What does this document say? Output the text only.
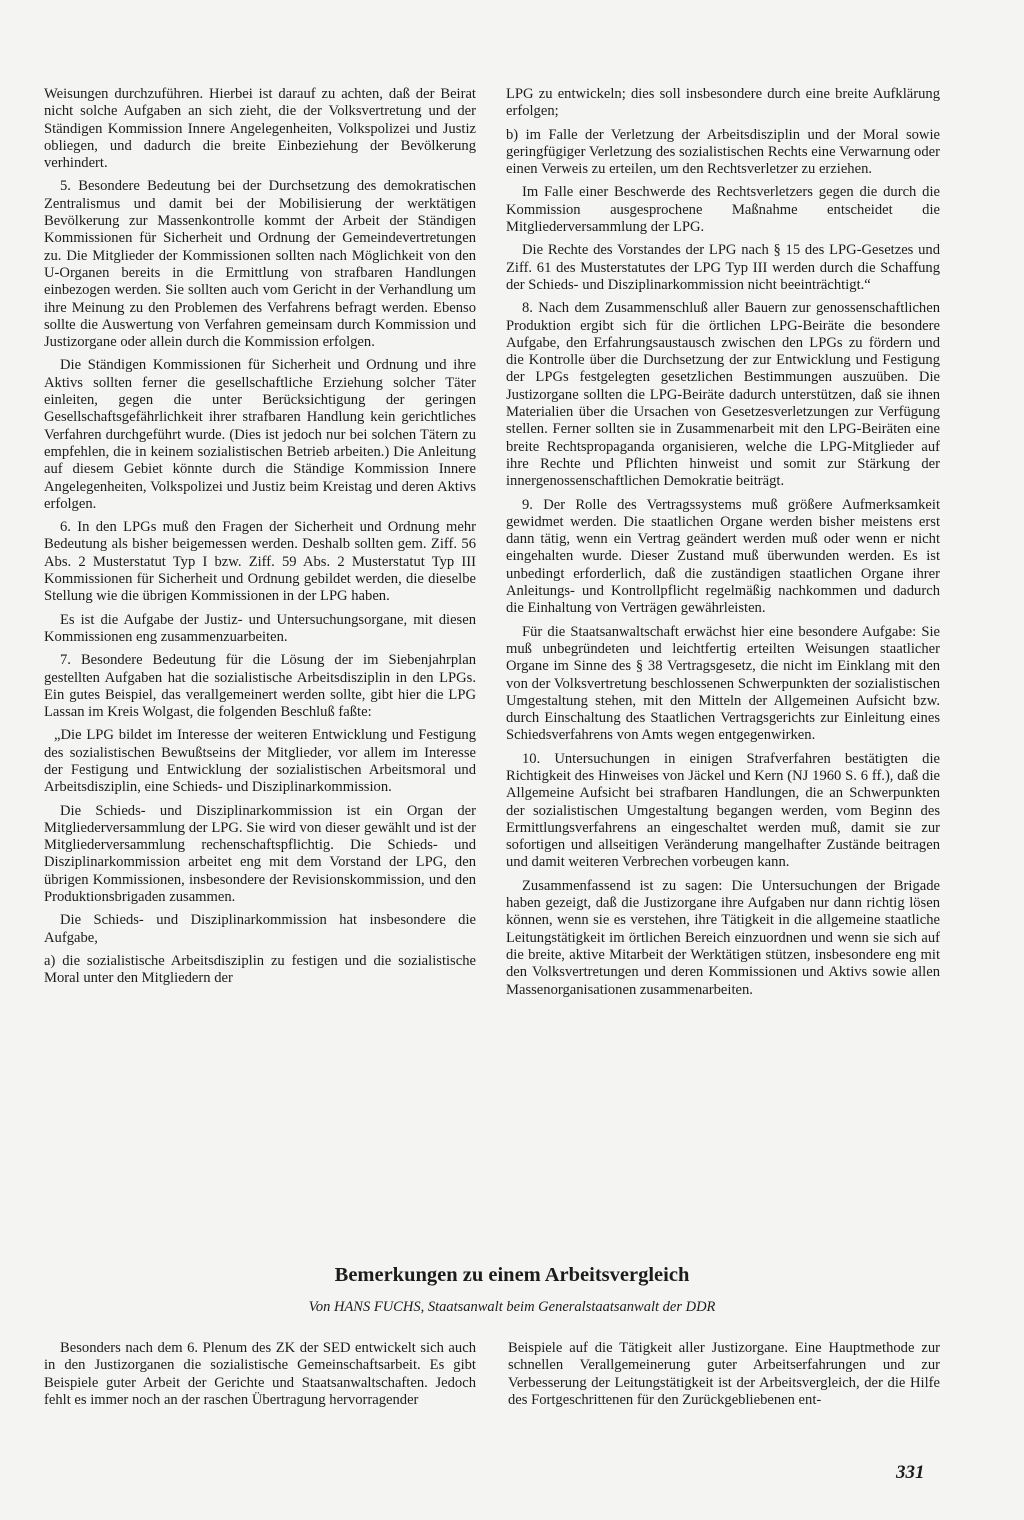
Weisungen durchzuführen. Hierbei ist darauf zu achten, daß der Beirat nicht solche Aufgaben an sich zieht, die der Volksvertretung und der Ständigen Kommission Innere Angelegenheiten, Volkspolizei und Justiz obliegen, und dadurch die breite Einbeziehung der Bevölkerung verhindert.

5. Besondere Bedeutung bei der Durchsetzung des demokratischen Zentralismus und damit bei der Mobilisierung der werktätigen Bevölkerung zur Massenkontrolle kommt der Arbeit der Ständigen Kommissionen für Sicherheit und Ordnung der Gemeindevertretungen zu. Die Mitglieder der Kommissionen sollten nach Möglichkeit von den U-Organen bereits in die Ermittlung von strafbaren Handlungen einbezogen werden. Sie sollten auch vom Gericht in der Verhandlung um ihre Meinung zu den Problemen des Verfahrens befragt werden. Ebenso sollte die Auswertung von Verfahren gemeinsam durch Kommission und Justizorgane oder allein durch die Kommission erfolgen.

Die Ständigen Kommissionen für Sicherheit und Ordnung und ihre Aktivs sollten ferner die gesellschaftliche Erziehung solcher Täter einleiten, gegen die unter Berücksichtigung der geringen Gesellschaftsgefährlichkeit ihrer strafbaren Handlung kein gerichtliches Verfahren durchgeführt wurde. (Dies ist jedoch nur bei solchen Tätern zu empfehlen, die in keinem sozialistischen Betrieb arbeiten.) Die Anleitung auf diesem Gebiet könnte durch die Ständige Kommission Innere Angelegenheiten, Volkspolizei und Justiz beim Kreistag und deren Aktivs erfolgen.

6. In den LPGs muß den Fragen der Sicherheit und Ordnung mehr Bedeutung als bisher beigemessen werden. Deshalb sollten gem. Ziff. 56 Abs. 2 Musterstatut Typ I bzw. Ziff. 59 Abs. 2 Musterstatut Typ III Kommissionen für Sicherheit und Ordnung gebildet werden, die dieselbe Stellung wie die übrigen Kommissionen in der LPG haben.

Es ist die Aufgabe der Justiz- und Untersuchungsorgane, mit diesen Kommissionen eng zusammenzuarbeiten.

7. Besondere Bedeutung für die Lösung der im Siebenjahrplan gestellten Aufgaben hat die sozialistische Arbeitsdisziplin in den LPGs. Ein gutes Beispiel, das verallgemeinert werden sollte, gibt hier die LPG Lassan im Kreis Wolgast, die folgenden Beschluß faßte:

„Die LPG bildet im Interesse der weiteren Entwicklung und Festigung des sozialistischen Bewußtseins der Mitglieder, vor allem im Interesse der Festigung und Entwicklung der sozialistischen Arbeitsmoral und Arbeitsdisziplin, eine Schieds- und Disziplinarkommission.

Die Schieds- und Disziplinarkommission ist ein Organ der Mitgliederversammlung der LPG. Sie wird von dieser gewählt und ist der Mitgliederversammlung rechenschaftspflichtig. Die Schieds- und Disziplinarkommission arbeitet eng mit dem Vorstand der LPG, den übrigen Kommissionen, insbesondere der Revisionskommission, und den Produktionsbrigaden zusammen.

Die Schieds- und Disziplinarkommission hat insbesondere die Aufgabe,

a) die sozialistische Arbeitsdisziplin zu festigen und die sozialistische Moral unter den Mitgliedern der

LPG zu entwickeln; dies soll insbesondere durch eine breite Aufklärung erfolgen;

b) im Falle der Verletzung der Arbeitsdisziplin und der Moral sowie geringfügiger Verletzung des sozialistischen Rechts eine Verwarnung oder einen Verweis zu erteilen, um den Rechtsverletzer zu erziehen.

Im Falle einer Beschwerde des Rechtsverletzers gegen die durch die Kommission ausgesprochene Maßnahme entscheidet die Mitgliederversammlung der LPG.

Die Rechte des Vorstandes der LPG nach § 15 des LPG-Gesetzes und Ziff. 61 des Musterstatutes der LPG Typ III werden durch die Schaffung der Schieds- und Disziplinarkommission nicht beeinträchtigt.“

8. Nach dem Zusammenschluß aller Bauern zur genossenschaftlichen Produktion ergibt sich für die örtlichen LPG-Beiräte die besondere Aufgabe, den Erfahrungsaustausch zwischen den LPGs zu fördern und die Kontrolle über die Durchsetzung der zur Entwicklung und Festigung der LPGs festgelegten gesetzlichen Bestimmungen auszuüben. Die Justizorgane sollten die LPG-Beiräte dadurch unterstützen, daß sie ihnen Materialien über die Ursachen von Gesetzesverletzungen zur Verfügung stellen. Ferner sollten sie in Zusammenarbeit mit den LPG-Beiräten eine breite Rechtspropaganda organisieren, welche die LPG-Mitglieder auf ihre Rechte und Pflichten hinweist und somit zur Stärkung der innergenossenschaftlichen Demokratie beiträgt.

9. Der Rolle des Vertragssystems muß größere Aufmerksamkeit gewidmet werden. Die staatlichen Organe werden bisher meistens erst dann tätig, wenn ein Vertrag geändert werden muß oder wenn er nicht eingehalten wurde. Dieser Zustand muß überwunden werden. Es ist unbedingt erforderlich, daß die zuständigen staatlichen Organe ihrer Anleitungs- und Kontrollpflicht regelmäßig nachkommen und dadurch die Einhaltung von Verträgen gewährleisten.

Für die Staatsanwaltschaft erwächst hier eine besondere Aufgabe: Sie muß unbegründeten und leichtfertig erteilten Weisungen staatlicher Organe im Sinne des § 38 Vertragsgesetz, die nicht im Einklang mit den von der Volksvertretung beschlossenen Schwerpunkten der sozialistischen Umgestaltung stehen, mit den Mitteln der Allgemeinen Aufsicht bzw. durch Einschaltung des Staatlichen Vertragsgerichts zur Einleitung eines Schiedsverfahrens von Amts wegen entgegenwirken.

10. Untersuchungen in einigen Strafverfahren bestätigten die Richtigkeit des Hinweises von Jäckel und Kern (NJ 1960 S. 6 ff.), daß die Allgemeine Aufsicht bei strafbaren Handlungen, die an Schwerpunkten der sozialistischen Umgestaltung begangen werden, vom Beginn des Ermittlungsverfahrens an eingeschaltet werden muß, damit sie zur sofortigen und allseitigen Veränderung mangelhafter Zustände beitragen und damit weiteren Verbrechen vorbeugen kann.

Zusammenfassend ist zu sagen: Die Untersuchungen der Brigade haben gezeigt, daß die Justizorgane ihre Aufgaben nur dann richtig lösen können, wenn sie es verstehen, ihre Tätigkeit in die allgemeine staatliche Leitungstätigkeit im örtlichen Bereich einzuordnen und wenn sie sich auf die breite, aktive Mitarbeit der Werktätigen stützen, insbesondere eng mit den Volksvertretungen und deren Kommissionen und Aktivs sowie allen Massenorganisationen zusammenarbeiten.

Bemerkungen zu einem Arbeitsvergleich
Von HANS FUCHS, Staatsanwalt beim Generalstaatsanwalt der DDR

Besonders nach dem 6. Plenum des ZK der SED entwickelt sich auch in den Justizorganen die sozialistische Gemeinschaftsarbeit. Es gibt Beispiele guter Arbeit der Gerichte und Staatsanwaltschaften. Jedoch fehlt es immer noch an der raschen Übertragung hervorragender

Beispiele auf die Tätigkeit aller Justizorgane. Eine Hauptmethode zur schnellen Verallgemeinerung guter Arbeitserfahrungen und zur Verbesserung der Leitungstätigkeit ist der Arbeitsvergleich, der die Hilfe des Fortgeschrittenen für den Zurückgebliebenen ent-

331
